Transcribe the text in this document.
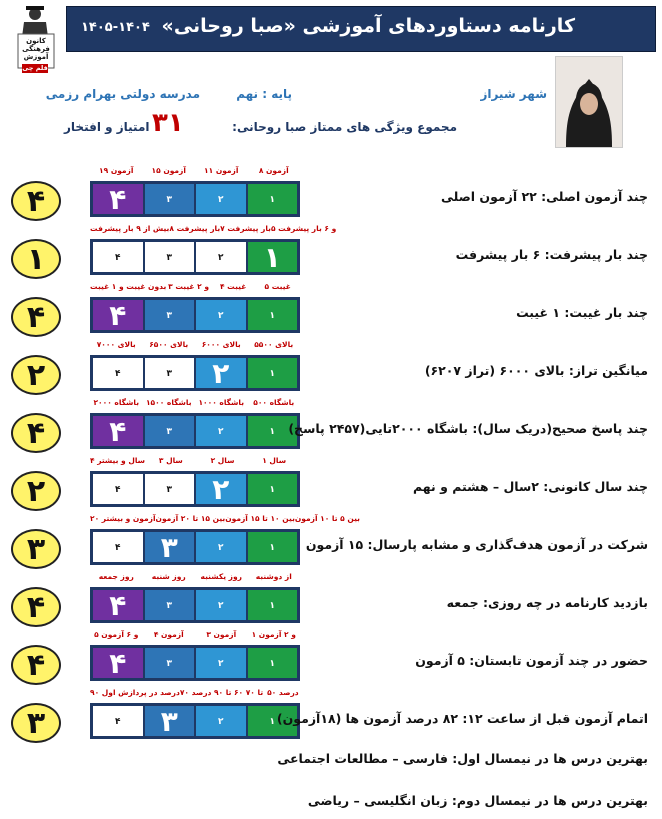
کانون فرهنگی آموزش
قلم چی
کارنامه دستاوردهای آموزشی «صبا روحانی»
۱۴۰۵-۱۴۰۴
شهر شیراز
پایه : نهم
مدرسه دولتی بهرام رزمی
مجموع ویژگی های ممتاز صبا روحانی:
۳۱
امتیاز و افتخار
۱۹ آزمون	۱۵ آزمون	۱۱ آزمون	۸ آزمون
۴	۳	۲	۱
۴	چند آزمون اصلی: ۲۲ آزمون اصلی
بیش از ۹ بار پیشرفت ۸ بار پیشرفت ۷ بار پیشرفت ۵ و ۶ بار پیشرفت
۴	۳	۲	۱
۱	چند بار پیشرفت: ۶ بار پیشرفت
بدون غیبت و ۱ غیبت ۳ و ۲ غیبت	۴ غیبت	۵ غیبت
۴	۳	۲	۱
۴	چند بار غیبت: ۱ غیبت
بالای ۷۰۰۰	بالای ۶۵۰۰	بالای ۶۰۰۰	بالای ۵۵۰۰
۴	۳	۲	۱
۲	میانگین تراز: بالای ۶۰۰۰ (تراز ۶۲۰۷)
باشگاه ۲۰۰۰ باشگاه ۱۵۰۰ باشگاه ۱۰۰۰	باشگاه ۵۰۰
۴	۳	۲	۱
۴	چند پاسخ صحیح(دریک سال): باشگاه ۲۰۰۰تایی(۲۴۵۷ پاسخ)
۴ سال و بیشتر	۳ سال	۲ سال	۱ سال
۴	۳	۲	۱
۲	چند سال کانونی: ۲سال – هشتم و نهم
۲۰ آزمون و بیشتر بین ۱۵ تا ۲۰ آزمون بین ۱۰ تا ۱۵ آزمون بین ۵ تا ۱۰ آزمون
۴	۳	۲	۱
۳	شرکت در آزمون هدف‌گذاری و مشابه پارسال: ۱۵ آزمون
روز جمعه	روز شنبه	روز یکشنبه	از دوشنبه
۴	۳	۲	۱
۴	بازدید کارنامه در چه روزی: جمعه
۵ و ۶ آزمون	۴ آزمون	۳ آزمون	۱ و ۲ آزمون
۴	۳	۲	۱
۴	حضور در چند آزمون تابستان: ۵ آزمون
۹۰ درصد در پردازش اول ۷۰ تا ۹۰ درصد ۶۰ تا ۷۰ ۵۰ درصد
۴	۳	۲	۱
۳	اتمام آزمون قبل از ساعت ۱۲: ۸۲ درصد آزمون ها (۱۸آزمون)
بهترین درس ها در نیمسال اول: فارسی – مطالعات اجتماعی
بهترین درس ها در نیمسال دوم: زبان انگلیسی – ریاضی
